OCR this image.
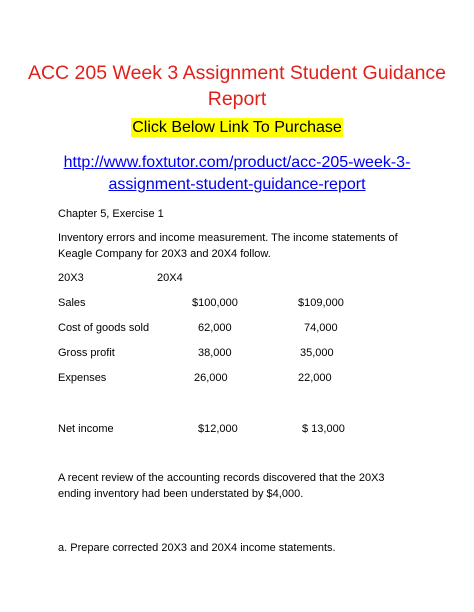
ACC 205 Week 3 Assignment Student Guidance
Report
Click Below Link To Purchase
http://www.foxtutor.com/product/acc-205-week-3-
assignment-student-guidance-report
Chapter 5, Exercise 1
Inventory errors and income measurement. The income statements of
Keagle Company for 20X3 and 20X4 follow.
20X3	20X4
Sales	$100,000	$109,000
Cost of goods sold	62,000	74,000
Gross profit	38,000	35,000
Expenses	26,000	22,000
Net income	$12,000	$ 13,000
A recent review of the accounting records discovered that the 20X3
ending inventory had been understated by $4,000.
a. Prepare corrected 20X3 and 20X4 income statements.
